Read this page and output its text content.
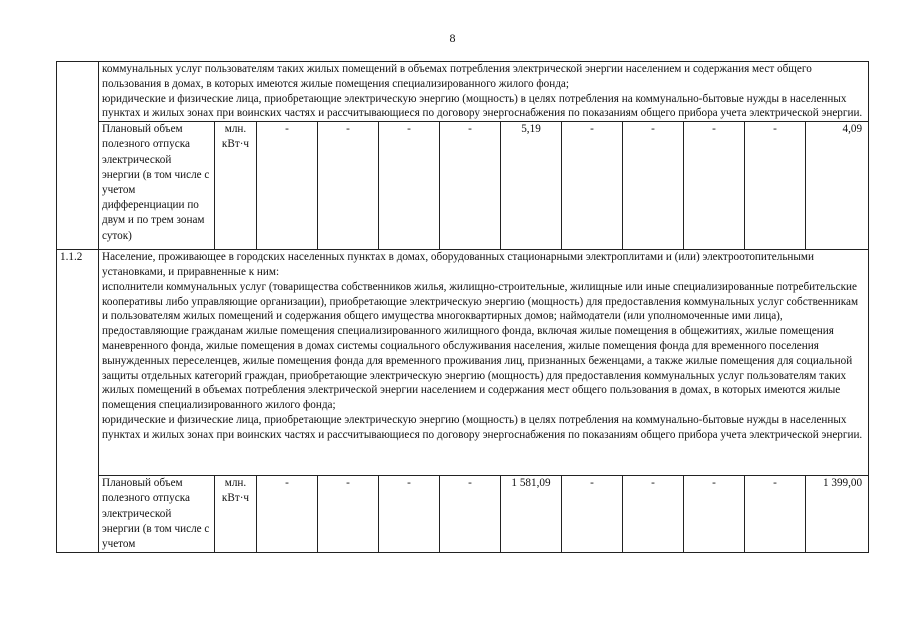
8

	коммунальных услуг пользователям таких жилых помещений в объемах потребления электрической энергии населением и содержания мест общего пользования в домах, в которых имеются жилые помещения специализированного жилого фонда;
юридические и физические лица, приобретающие электрическую энергию (мощность) в целях потребления на коммунально-бытовые нужды в населенных пунктах и жилых зонах при воинских частях и рассчитывающиеся по договору энергоснабжения по показаниям общего прибора учета электрической энергии.											

	Плановый объем полезного отпуска электрической энергии (в том числе с учетом дифференциации по двум и по трем зонам суток)	млн. кВт·ч	-	-	-	-	5,19	-	-	-	-	4,09
1.1.2	Население, проживающее в городских населенных пунктах в домах, оборудованных стационарными электроплитами и (или) электроотопительными установками, и приравненные к ним:
исполнители коммунальных услуг (товарищества собственников жилья, жилищно-строительные, жилищные или иные специализированные потребительские кооперативы либо управляющие организации), приобретающие электрическую энергию (мощность) для предоставления коммунальных услуг собственникам и пользователям жилых помещений и содержания общего имущества многоквартирных домов; наймодатели (или уполномоченные ими лица), предоставляющие гражданам жилые помещения специализированного жилищного фонда, включая жилые помещения в общежитиях, жилые помещения маневренного фонда, жилые помещения в домах системы социального обслуживания населения, жилые помещения фонда для временного поселения вынужденных переселенцев, жилые помещения фонда для временного проживания лиц, признанных беженцами, а также жилые помещения для социальной защиты отдельных категорий граждан, приобретающие электрическую энергию (мощность) для предоставления коммунальных услуг пользователям таких жилых помещений в объемах потребления электрической энергии населением и содержания мест общего пользования в домах, в которых имеются жилые помещения специализированного жилого фонда;
юридические и физические лица, приобретающие электрическую энергию (мощность) в целях потребления на коммунально-бытовые нужды в населенных пунктах и жилых зонах при воинских частях и рассчитывающиеся по договору энергоснабжения по показаниям общего прибора учета электрической энергии.											

	Плановый объем полезного отпуска электрической энергии (в том числе с учетом	млн. кВт·ч	-	-	-	-	1 581,09	-	-	-	-	1 399,00
